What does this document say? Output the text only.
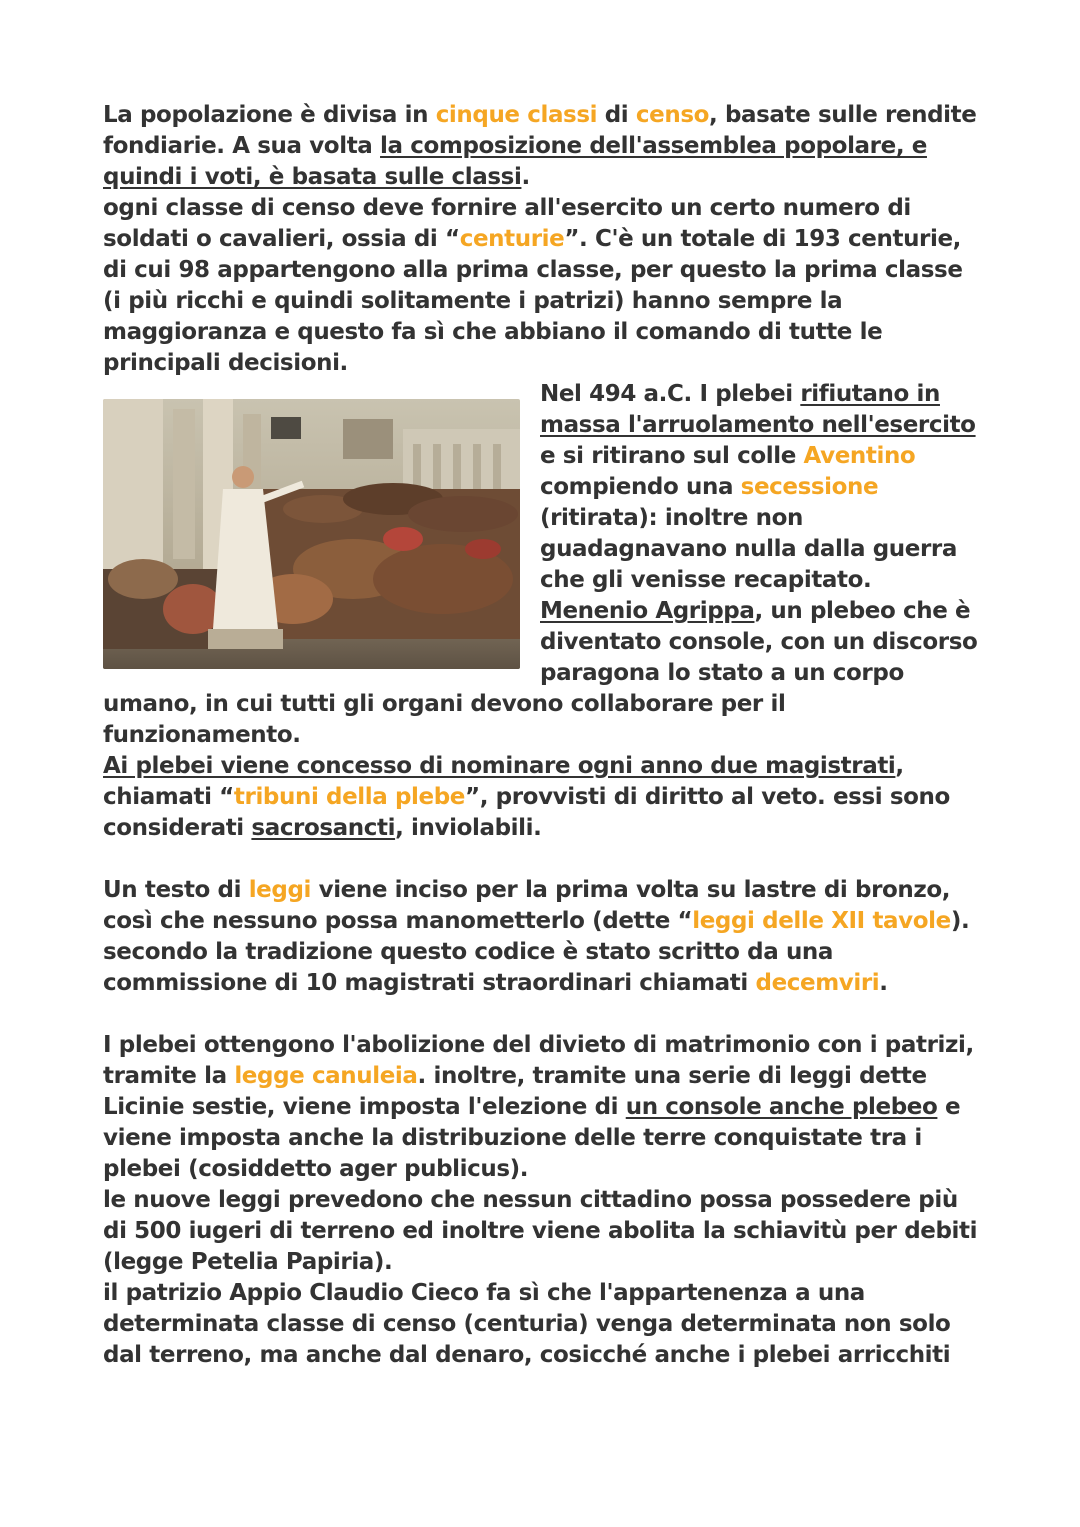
La popolazione è divisa in cinque classi di censo, basate sulle rendite fondiarie. A sua volta la composizione dell'assemblea popolare, e quindi i voti, è basata sulle classi.

ogni classe di censo deve fornire all'esercito un certo numero di soldati o cavalieri, ossia di “centurie”. C'è un totale di 193 centurie, di cui 98 appartengono alla prima classe, per questo la prima classe (i più ricchi e quindi solitamente i patrizi) hanno sempre la maggioranza e questo fa sì che abbiano il comando di tutte le principali decisioni.

Nel 494 a.C. I plebei rifiutano in massa l'arruolamento nell'esercito e si ritirano sul colle Aventino compiendo una secessione (ritirata): inoltre non guadagnavano nulla dalla guerra che gli venisse recapitato. Menenio Agrippa, un plebeo che è diventato console, con un discorso paragona lo stato a un corpo umano, in cui tutti gli organi devono collaborare per il funzionamento.

Ai plebei viene concesso di nominare ogni anno due magistrati, chiamati “tribuni della plebe”, provvisti di diritto al veto. essi sono considerati sacrosancti, inviolabili.

Un testo di leggi viene inciso per la prima volta su lastre di bronzo, così che nessuno possa manometterlo (dette “leggi delle XII tavole). secondo la tradizione questo codice è stato scritto da una commissione di 10 magistrati straordinari chiamati decemviri.

I plebei ottengono l'abolizione del divieto di matrimonio con i patrizi, tramite la legge canuleia. inoltre, tramite una serie di leggi dette Licinie sestie, viene imposta l'elezione di un console anche plebeo e viene imposta anche la distribuzione delle terre conquistate tra i plebei (cosiddetto ager publicus).

le nuove leggi prevedono che nessun cittadino possa possedere più di 500 iugeri di terreno ed inoltre viene abolita la schiavitù per debiti (legge Petelia Papiria).

il patrizio Appio Claudio Cieco fa sì che l'appartenenza a una determinata classe di censo (centuria) venga determinata non solo dal terreno, ma anche dal denaro, cosicché anche i plebei arricchiti
